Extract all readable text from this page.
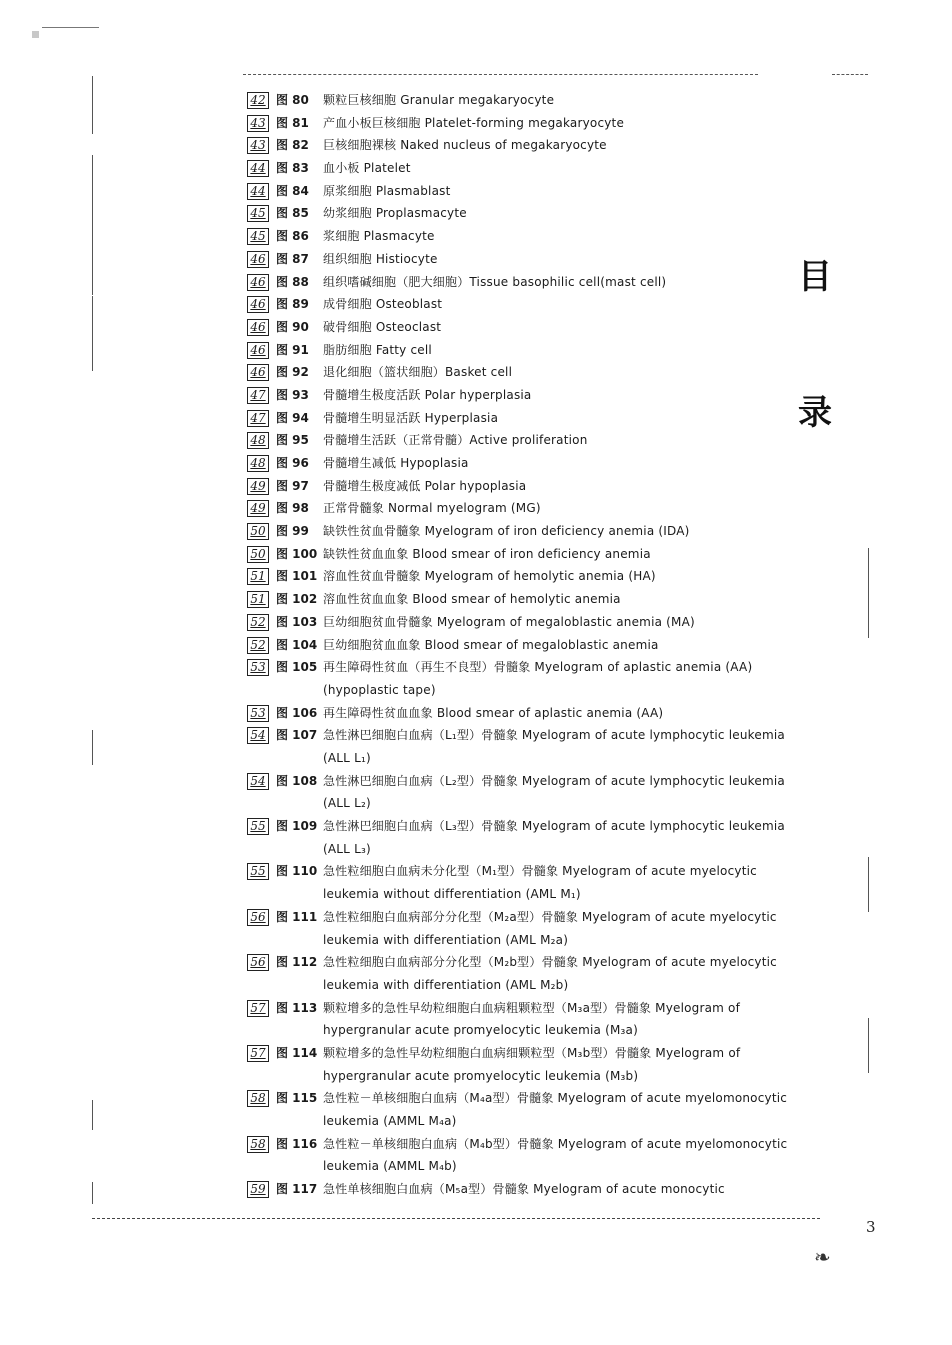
目
录
42 图 80 颗粒巨核细胞 Granular megakaryocyte
43 图 81 产血小板巨核细胞 Platelet-forming megakaryocyte
43 图 82 巨核细胞裸核 Naked nucleus of megakaryocyte
44 图 83 血小板 Platelet
44 图 84 原浆细胞 Plasmablast
45 图 85 幼浆细胞 Proplasmacyte
45 图 86 浆细胞 Plasmacyte
46 图 87 组织细胞 Histiocyte
46 图 88 组织嗜碱细胞（肥大细胞）Tissue basophilic cell(mast cell)
46 图 89 成骨细胞 Osteoblast
46 图 90 破骨细胞 Osteoclast
46 图 91 脂肪细胞 Fatty cell
46 图 92 退化细胞（篮状细胞）Basket cell
47 图 93 骨髓增生极度活跃 Polar hyperplasia
47 图 94 骨髓增生明显活跃 Hyperplasia
48 图 95 骨髓增生活跃（正常骨髓）Active proliferation
48 图 96 骨髓增生减低 Hypoplasia
49 图 97 骨髓增生极度减低 Polar hypoplasia
49 图 98 正常骨髓象 Normal myelogram (MG)
50 图 99 缺铁性贫血骨髓象 Myelogram of iron deficiency anemia (IDA)
50 图 100 缺铁性贫血血象 Blood smear of iron deficiency anemia
51 图 101 溶血性贫血骨髓象 Myelogram of hemolytic anemia (HA)
51 图 102 溶血性贫血血象 Blood smear of hemolytic anemia
52 图 103 巨幼细胞贫血骨髓象 Myelogram of megaloblastic anemia (MA)
52 图 104 巨幼细胞贫血血象 Blood smear of megaloblastic anemia
53 图 105 再生障碍性贫血（再生不良型）骨髓象 Myelogram of aplastic anemia (AA)(hypoplastic tape)
53 图 106 再生障碍性贫血血象 Blood smear of aplastic anemia (AA)
54 图 107 急性淋巴细胞白血病（L₁型）骨髓象 Myelogram of acute lymphocytic leukemia (ALL L₁)
54 图 108 急性淋巴细胞白血病（L₂型）骨髓象 Myelogram of acute lymphocytic leukemia (ALL L₂)
55 图 109 急性淋巴细胞白血病（L₃型）骨髓象 Myelogram of acute lymphocytic leukemia (ALL L₃)
55 图 110 急性粒细胞白血病未分化型（M₁型）骨髓象 Myelogram of acute myelocytic leukemia without differentiation (AML M₁)
56 图 111 急性粒细胞白血病部分分化型（M₂a型）骨髓象 Myelogram of acute myelocytic leukemia with differentiation (AML M₂a)
56 图 112 急性粒细胞白血病部分分化型（M₂b型）骨髓象 Myelogram of acute myelocytic leukemia with differentiation (AML M₂b)
57 图 113 颗粒增多的急性早幼粒细胞白血病粗颗粒型（M₃a型）骨髓象 Myelogram of hypergranular acute promyelocytic leukemia (M₃a)
57 图 114 颗粒增多的急性早幼粒细胞白血病细颗粒型（M₃b型）骨髓象 Myelogram of hypergranular acute promyelocytic leukemia (M₃b)
58 图 115 急性粒－单核细胞白血病（M₄a型）骨髓象 Myelogram of acute myelomonocytic leukemia (AMML M₄a)
58 图 116 急性粒－单核细胞白血病（M₄b型）骨髓象 Myelogram of acute myelomonocytic leukemia (AMML M₄b)
59 图 117 急性单核细胞白血病（M₅a型）骨髓象 Myelogram of acute monocytic
3
❧
